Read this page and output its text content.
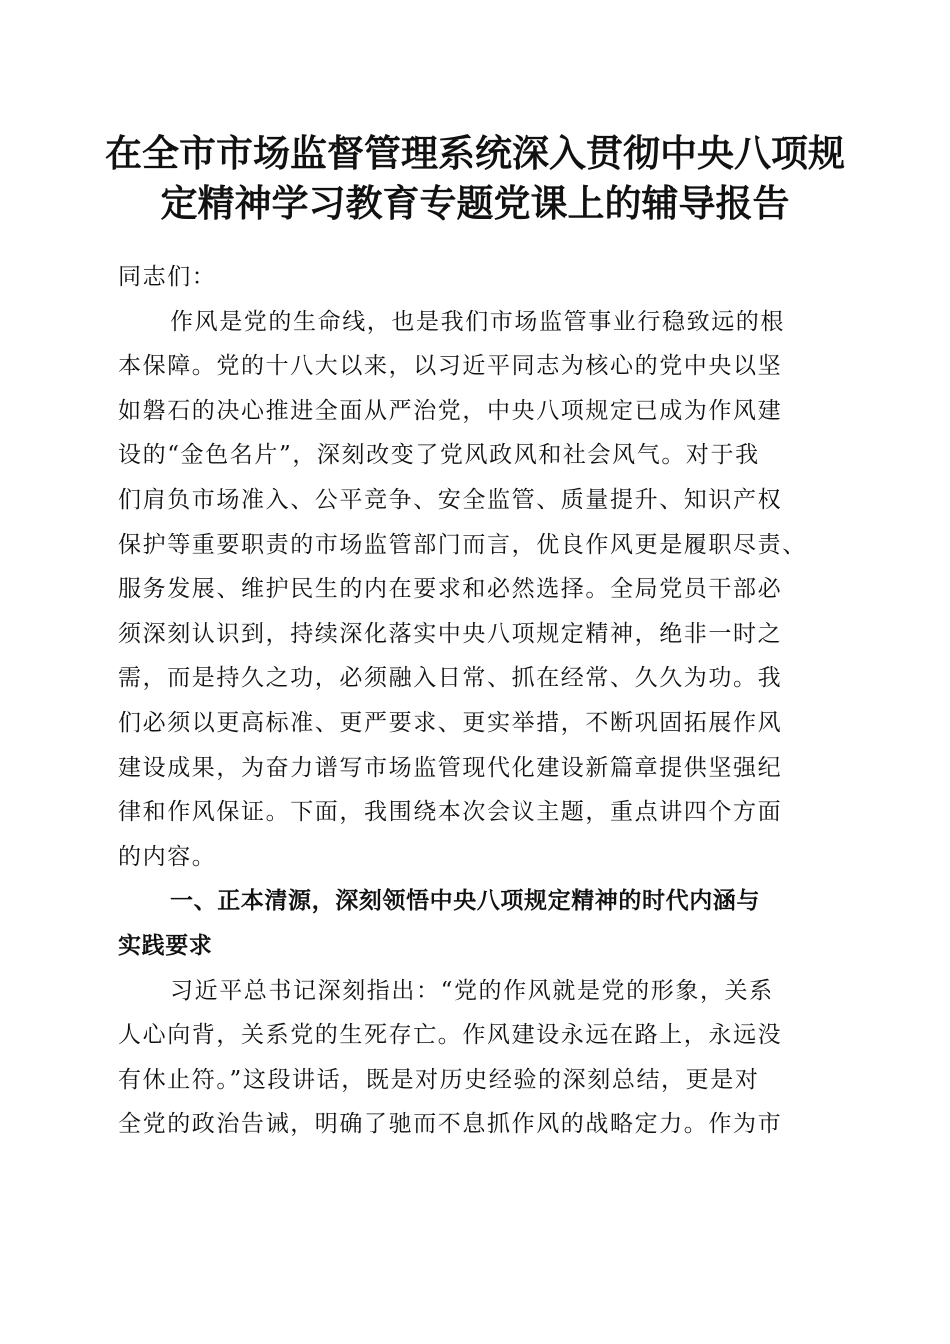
在全市市场监督管理系统深入贯彻中央八项规
定精神学习教育专题党课上的辅导报告
同志们：
作风是党的生命线，也是我们市场监管事业行稳致远的根
本保障。党的十八大以来，以习近平同志为核心的党中央以坚
如磐石的决心推进全面从严治党，中央八项规定已成为作风建
设的“金色名片”，深刻改变了党风政风和社会风气。对于我
们肩负市场准入、公平竞争、安全监管、质量提升、知识产权
保护等重要职责的市场监管部门而言，优良作风更是履职尽责、
服务发展、维护民生的内在要求和必然选择。全局党员干部必
须深刻认识到，持续深化落实中央八项规定精神，绝非一时之
需，而是持久之功，必须融入日常、抓在经常、久久为功。我
们必须以更高标准、更严要求、更实举措，不断巩固拓展作风
建设成果，为奋力谱写市场监管现代化建设新篇章提供坚强纪
律和作风保证。下面，我围绕本次会议主题，重点讲四个方面
的内容。
一、正本清源，深刻领悟中央八项规定精神的时代内涵与
实践要求
习近平总书记深刻指出：“党的作风就是党的形象，关系
人心向背，关系党的生死存亡。作风建设永远在路上，永远没
有休止符。”这段讲话，既是对历史经验的深刻总结，更是对
全党的政治告诫，明确了驰而不息抓作风的战略定力。作为市
